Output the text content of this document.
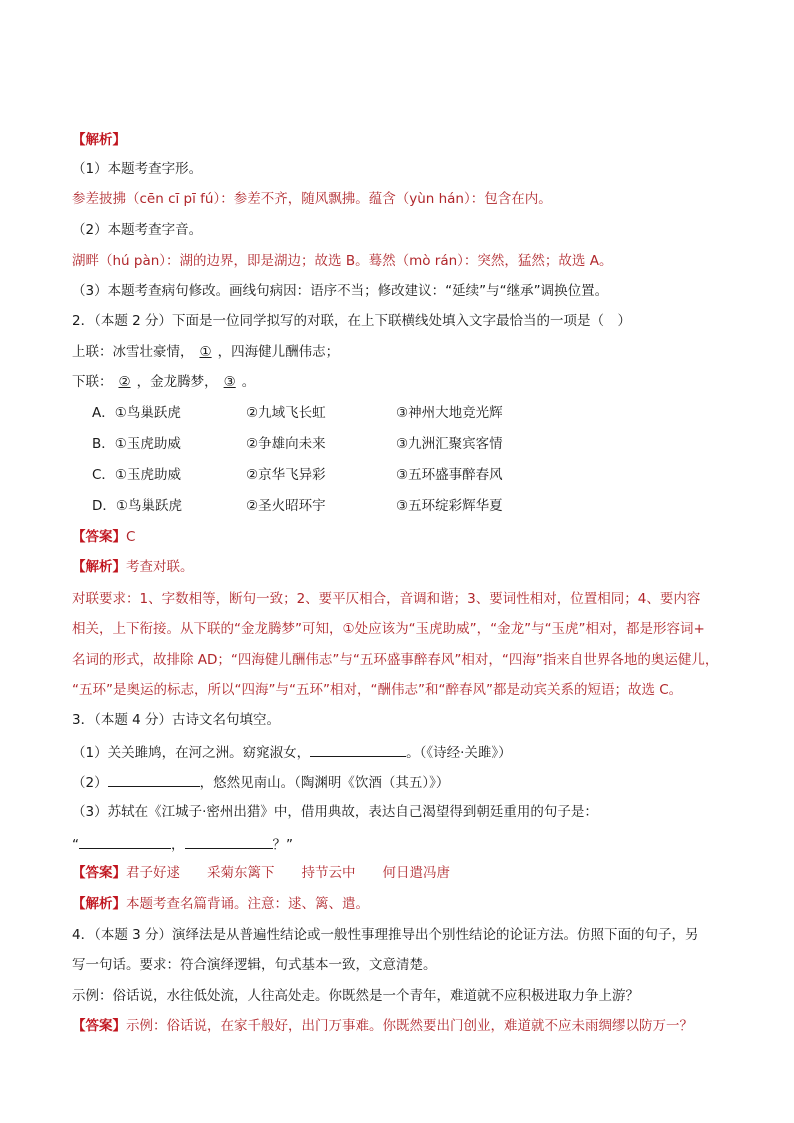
【解析】
（1）本题考查字形。
参差披拂（cēn cī pī fú）：参差不齐，随风飘拂。蕴含（yùn hán）：包含在内。
（2）本题考查字音。
湖畔（hú pàn）：湖的边界，即是湖边；故选 B。蓦然（mò rán）：突然，猛然；故选 A。
（3）本题考查病句修改。画线句病因：语序不当；修改建议：“延续”与“继承”调换位置。
2．（本题 2 分）下面是一位同学拟写的对联，在上下联横线处填入文字最恰当的一项是（　）
上联：冰雪壮豪情， ① ，四海健儿酬伟志；
下联： ② ，金龙腾梦， ③ 。
A．①鸟巢跃虎	②九域飞长虹	③神州大地竞光辉
B．①玉虎助威	②争雄向未来	③九洲汇聚宾客情
C．①玉虎助威	②京华飞异彩	③五环盛事醉春风
D．①鸟巢跃虎	②圣火昭环宇	③五环绽彩辉华夏
【答案】C
【解析】考查对联。
对联要求：1、字数相等，断句一致；2、要平仄相合，音调和谐；3、要词性相对，位置相同；4、要内容
相关，上下衔接。从下联的“金龙腾梦”可知，①处应该为“玉虎助威”，“金龙”与“玉虎”相对，都是形容词+
名词的形式，故排除 AD；“四海健儿酬伟志”与“五环盛事醉春风”相对，“四海”指来自世界各地的奥运健儿，
“五环”是奥运的标志，所以“四海”与“五环”相对，“酬伟志”和“醉春风”都是动宾关系的短语；故选 C。
3．（本题 4 分）古诗文名句填空。
（1）关关雎鸠，在河之洲。窈窕淑女，	。（《诗经·关雎》）
（2）	，悠然见南山。（陶渊明《饮酒（其五）》）
（3）苏轼在《江城子·密州出猎》中，借用典故，表达自己渴望得到朝廷重用的句子是：
“	，	？”
【答案】君子好逑　　采菊东篱下　　持节云中　　何日遣冯唐
【解析】本题考查名篇背诵。注意：逑、篱、遣。
4．（本题 3 分）演绎法是从普遍性结论或一般性事理推导出个别性结论的论证方法。仿照下面的句子，另
写一句话。要求：符合演绎逻辑，句式基本一致，文意清楚。
示例：俗话说，水往低处流，人往高处走。你既然是一个青年，难道就不应积极进取力争上游？
【答案】示例：俗话说，在家千般好，出门万事难。你既然要出门创业，难道就不应未雨绸缪以防万一？
